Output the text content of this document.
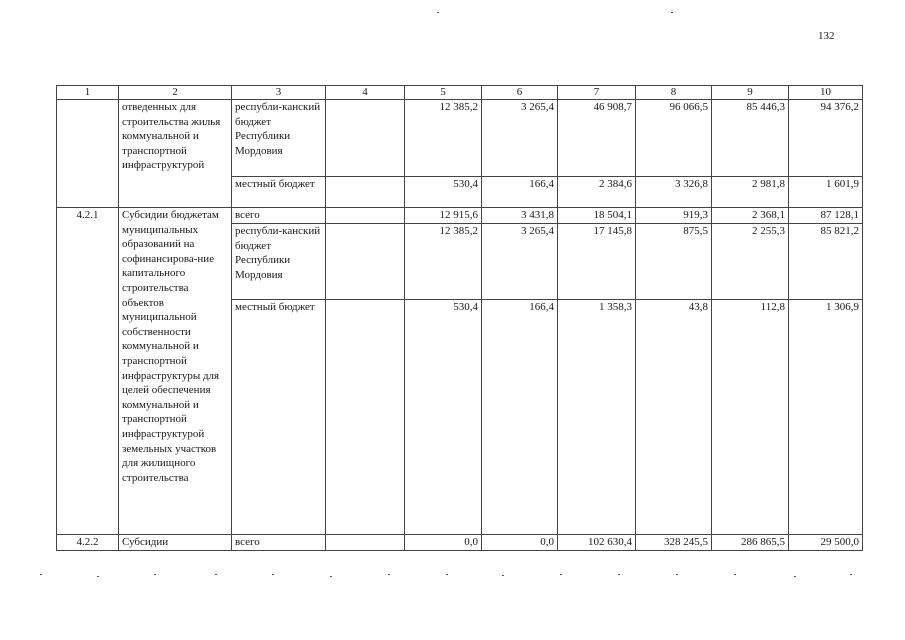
132
1	2	3	4	5	6	7	8	9	10
	отведенных для строительства жилья коммунальной и транспортной инфраструктурой	республи-канский бюджет Республики Мордовия		12 385,2	3 265,4	46 908,7	96 066,5	85 446,3	94 376,2
		местный бюджет		530,4	166,4	2 384,6	3 326,8	2 981,8	1 601,9
4.2.1	Субсидии бюджетам муниципальных образований на софинансирова-ние капитального строительства объектов муниципальной собственности коммунальной и транспортной инфраструктуры для целей обеспечения коммунальной и транспортной инфраструктурой земельных участков для жилищного строительства	всего		12 915,6	3 431,8	18 504,1	919,3	2 368,1	87 128,1
		республи-канский бюджет Республики Мордовия		12 385,2	3 265,4	17 145,8	875,5	2 255,3	85 821,2
		местный бюджет		530,4	166,4	1 358,3	43,8	112,8	1 306,9
4.2.2	Субсидии	всего		0,0	0,0	102 630,4	328 245,5	286 865,5	29 500,0
